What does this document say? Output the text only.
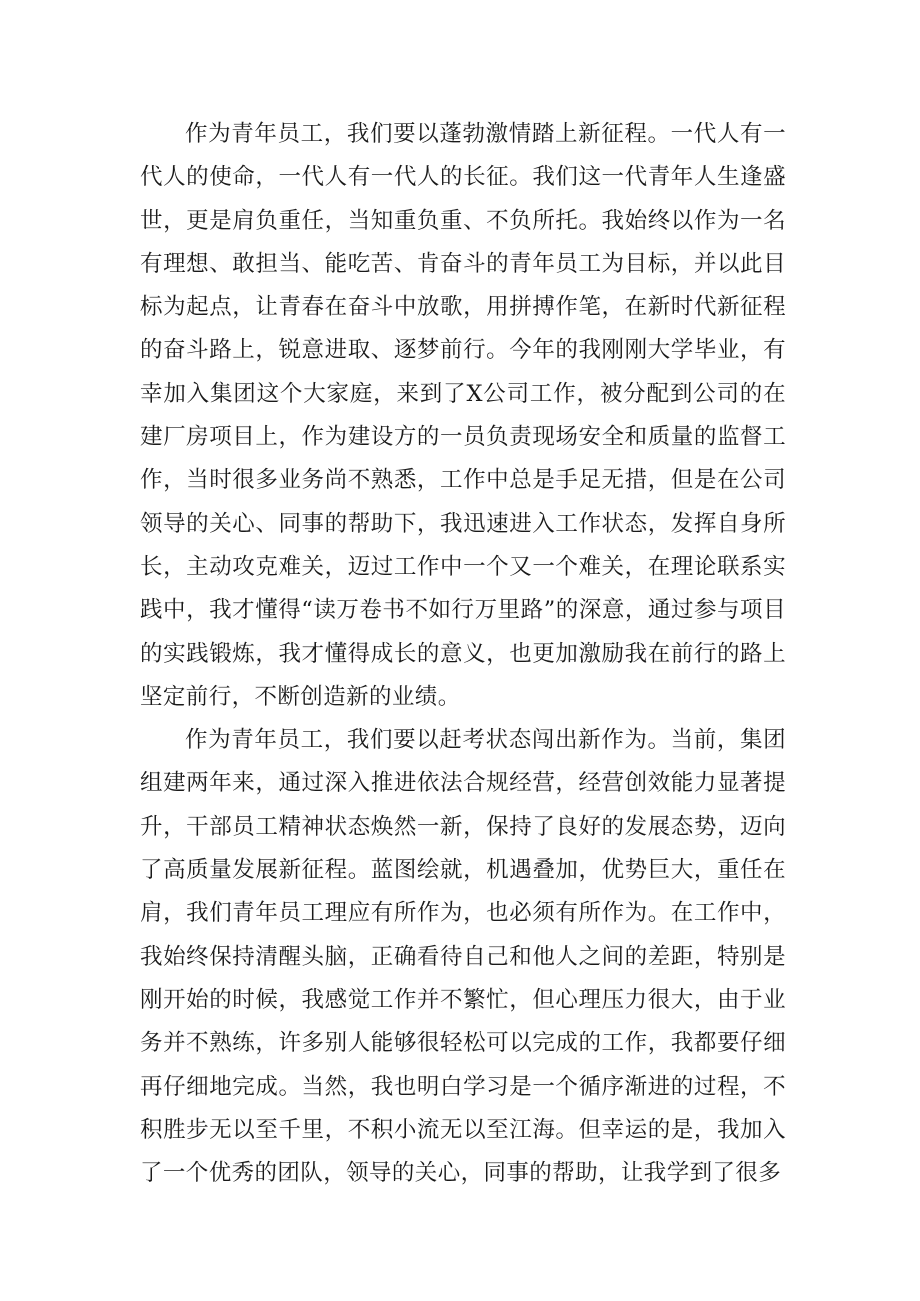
作为青年员工，我们要以蓬勃激情踏上新征程。一代人有一代人的使命，一代人有一代人的长征。我们这一代青年人生逢盛世，更是肩负重任，当知重负重、不负所托。我始终以作为一名有理想、敢担当、能吃苦、肯奋斗的青年员工为目标，并以此目标为起点，让青春在奋斗中放歌，用拼搏作笔，在新时代新征程的奋斗路上，锐意进取、逐梦前行。今年的我刚刚大学毕业，有幸加入集团这个大家庭，来到了X公司工作，被分配到公司的在建厂房项目上，作为建设方的一员负责现场安全和质量的监督工作，当时很多业务尚不熟悉，工作中总是手足无措，但是在公司领导的关心、同事的帮助下，我迅速进入工作状态，发挥自身所长，主动攻克难关，迈过工作中一个又一个难关，在理论联系实践中，我才懂得“读万卷书不如行万里路”的深意，通过参与项目的实践锻炼，我才懂得成长的意义，也更加激励我在前行的路上坚定前行，不断创造新的业绩。

作为青年员工，我们要以赶考状态闯出新作为。当前，集团组建两年来，通过深入推进依法合规经营，经营创效能力显著提升，干部员工精神状态焕然一新，保持了良好的发展态势，迈向了高质量发展新征程。蓝图绘就，机遇叠加，优势巨大，重任在肩，我们青年员工理应有所作为，也必须有所作为。在工作中，我始终保持清醒头脑，正确看待自己和他人之间的差距，特别是刚开始的时候，我感觉工作并不繁忙，但心理压力很大，由于业务并不熟练，许多别人能够很轻松可以完成的工作，我都要仔细再仔细地完成。当然，我也明白学习是一个循序渐进的过程，不积胜步无以至千里，不积小流无以至江海。但幸运的是，我加入了一个优秀的团队，领导的关心，同事的帮助，让我学到了很多
